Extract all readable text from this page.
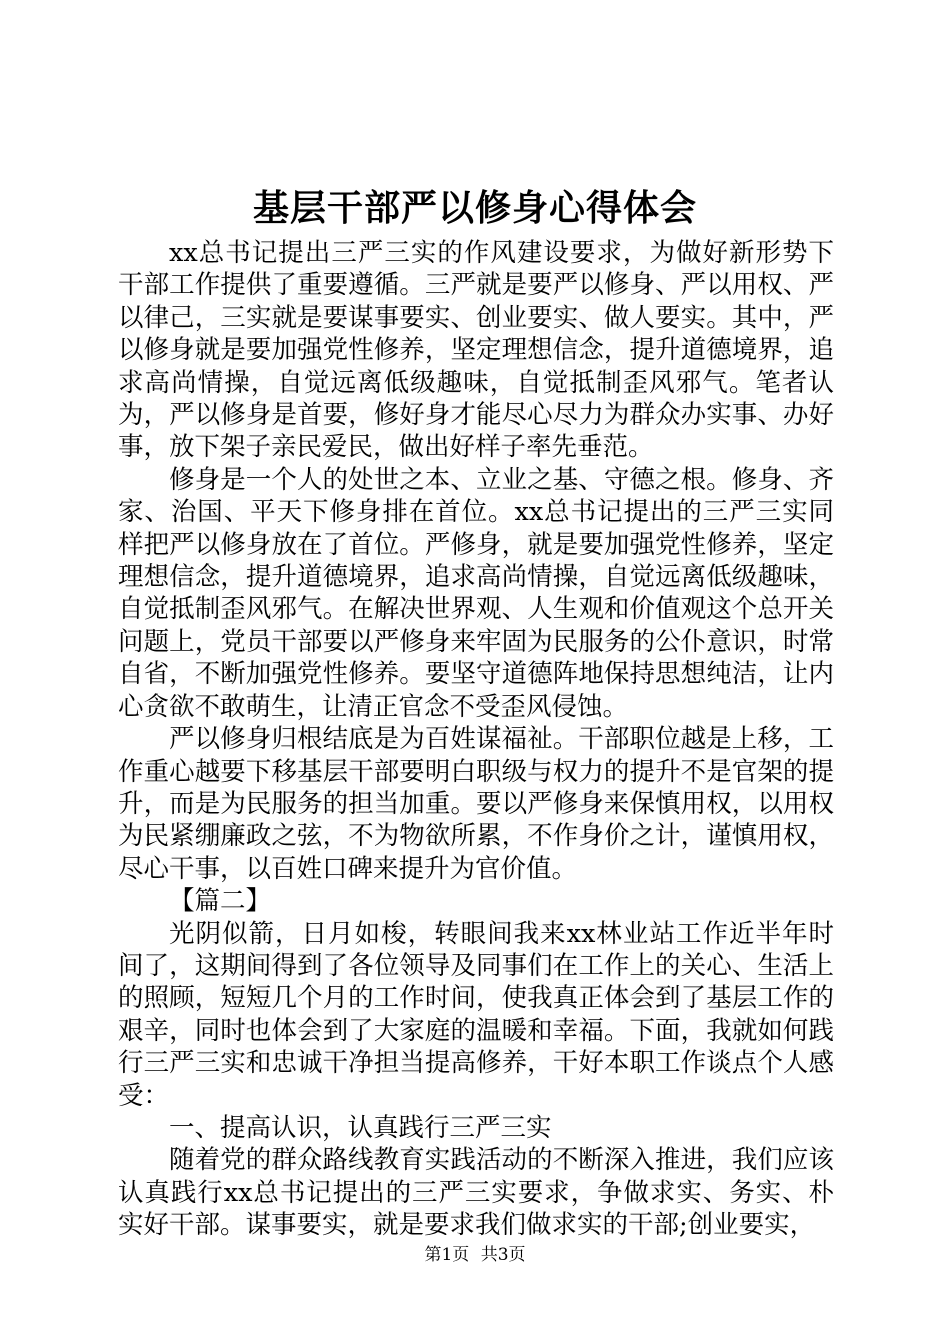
基层干部严以修身心得体会

xx总书记提出三严三实的作风建设要求，为做好新形势下干部工作提供了重要遵循。三严就是要严以修身、严以用权、严以律己，三实就是要谋事要实、创业要实、做人要实。其中，严以修身就是要加强党性修养，坚定理想信念，提升道德境界，追求高尚情操，自觉远离低级趣味，自觉抵制歪风邪气。笔者认为，严以修身是首要，修好身才能尽心尽力为群众办实事、办好事，放下架子亲民爱民，做出好样子率先垂范。

修身是一个人的处世之本、立业之基、守德之根。修身、齐家、治国、平天下修身排在首位。xx总书记提出的三严三实同样把严以修身放在了首位。严修身，就是要加强党性修养，坚定理想信念，提升道德境界，追求高尚情操，自觉远离低级趣味，自觉抵制歪风邪气。在解决世界观、人生观和价值观这个总开关问题上，党员干部要以严修身来牢固为民服务的公仆意识，时常自省，不断加强党性修养。要坚守道德阵地保持思想纯洁，让内心贪欲不敢萌生，让清正官念不受歪风侵蚀。

严以修身归根结底是为百姓谋福祉。干部职位越是上移，工作重心越要下移基层干部要明白职级与权力的提升不是官架的提升，而是为民服务的担当加重。要以严修身来保慎用权，以用权为民紧绷廉政之弦，不为物欲所累，不作身价之计，谨慎用权，尽心干事，以百姓口碑来提升为官价值。

【篇二】

光阴似箭，日月如梭，转眼间我来xx林业站工作近半年时间了，这期间得到了各位领导及同事们在工作上的关心、生活上的照顾，短短几个月的工作时间，使我真正体会到了基层工作的艰辛，同时也体会到了大家庭的温暖和幸福。下面，我就如何践行三严三实和忠诚干净担当提高修养，干好本职工作谈点个人感受：

一、提高认识，认真践行三严三实

随着党的群众路线教育实践活动的不断深入推进，我们应该认真践行xx总书记提出的三严三实要求，争做求实、务实、朴实好干部。谋事要实，就是要求我们做求实的干部;创业要实，

第1页 共3页
